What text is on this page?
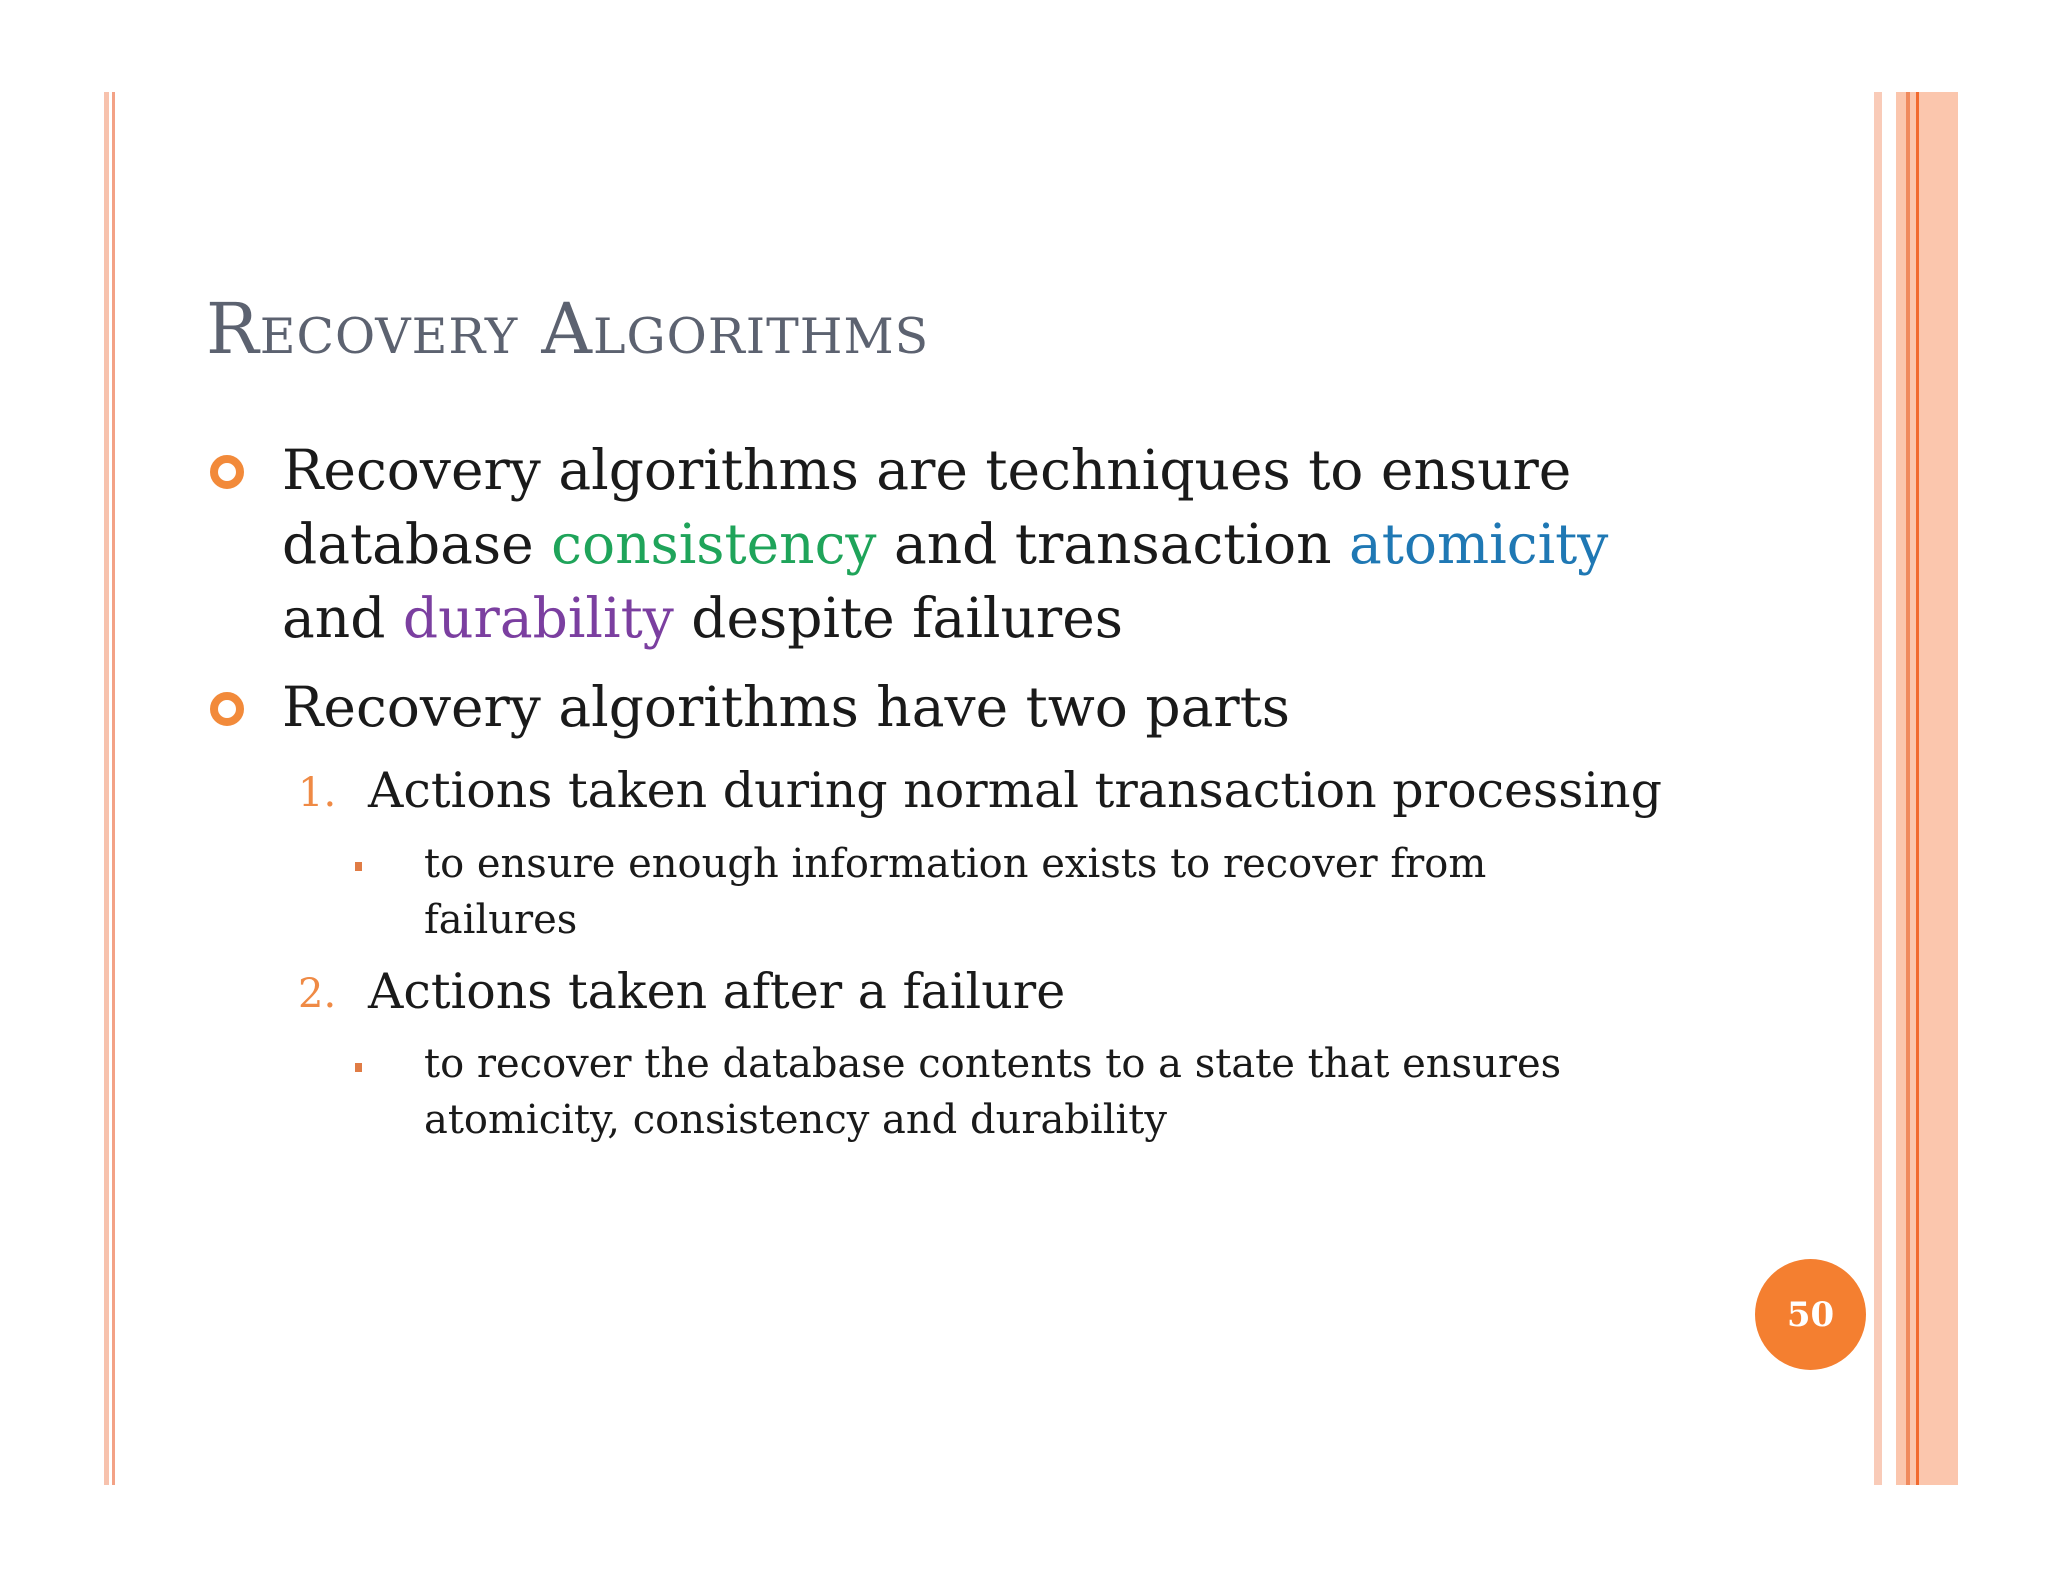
Recovery Algorithms
Recovery algorithms are techniques to ensure
database consistency and transaction atomicity
and durability despite failures
Recovery algorithms have two parts
1. Actions taken during normal transaction processing
to ensure enough information exists to recover from
failures
2. Actions taken after a failure
to recover the database contents to a state that ensures
atomicity, consistency and durability
50
